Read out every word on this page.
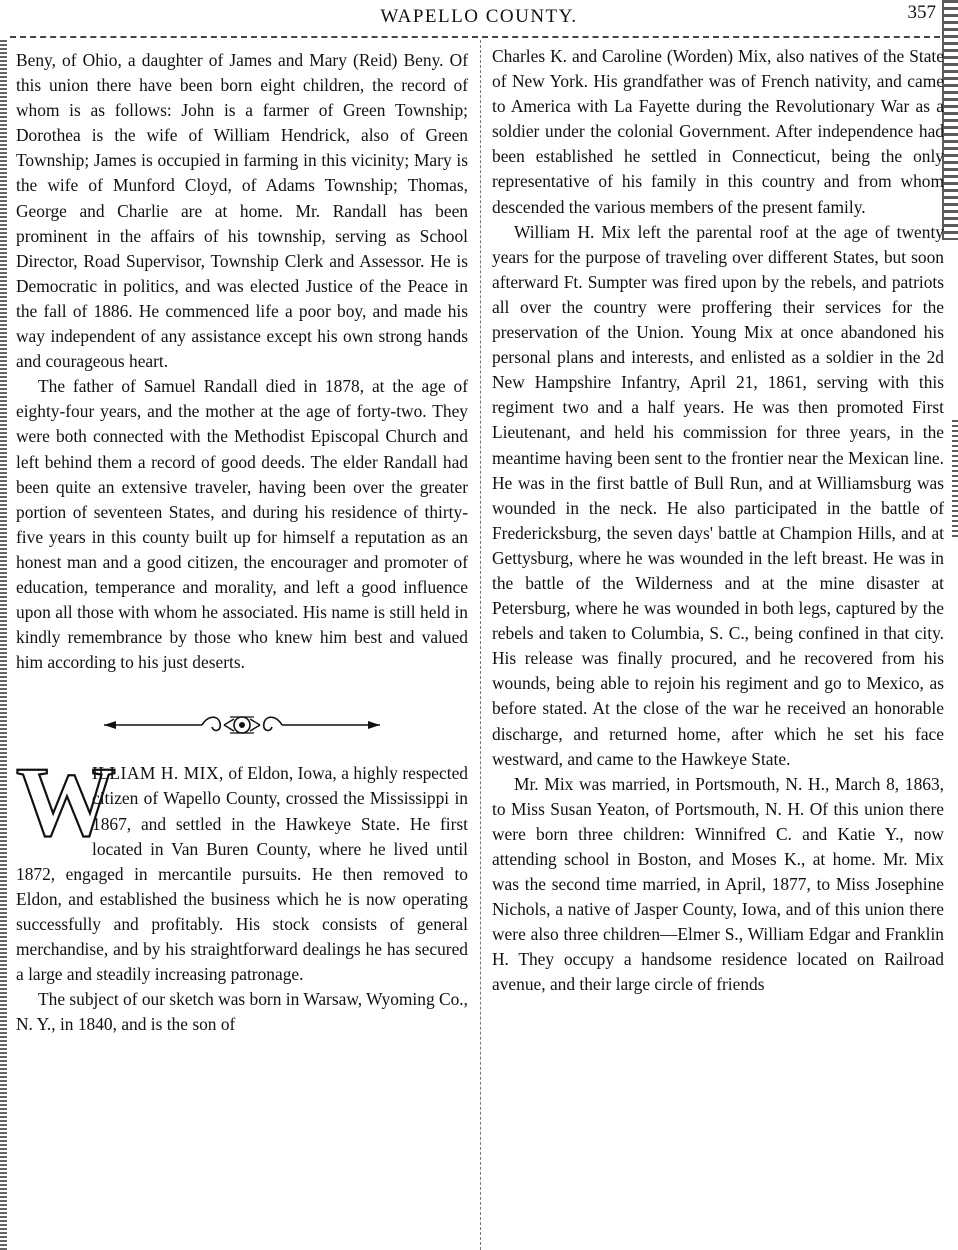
WAPELLO COUNTY.	357

Beny, of Ohio, a daughter of James and Mary (Reid) Beny. Of this union there have been born eight children, the record of whom is as follows: John is a farmer of Green Township; Dorothea is the wife of William Hendrick, also of Green Township; James is occupied in farming in this vicinity; Mary is the wife of Munford Cloyd, of Adams Township; Thomas, George and Charlie are at home. Mr. Randall has been prominent in the affairs of his township, serving as School Director, Road Supervisor, Township Clerk and Assessor. He is Democratic in politics, and was elected Justice of the Peace in the fall of 1886. He commenced life a poor boy, and made his way independent of any assistance except his own strong hands and courageous heart.

The father of Samuel Randall died in 1878, at the age of eighty-four years, and the mother at the age of forty-two. They were both connected with the Methodist Episcopal Church and left behind them a record of good deeds. The elder Randall had been quite an extensive traveler, having been over the greater portion of seventeen States, and during his residence of thirty-five years in this county built up for himself a reputation as an honest man and a good citizen, the encourager and promoter of education, temperance and morality, and left a good influence upon all those with whom he associated. His name is still held in kindly remembrance by those who knew him best and valued him according to his just deserts.

W

ILLIAM H. MIX, of Eldon, Iowa, a highly respected citizen of Wapello County, crossed the Mississippi in 1867, and settled in the Hawkeye State. He first located in Van Buren County, where he lived until 1872, engaged in mercantile pursuits. He then removed to Eldon, and established the business which he is now operating successfully and profitably. His stock consists of general merchandise, and by his straightforward dealings he has secured a large and steadily increasing patronage.

The subject of our sketch was born in Warsaw, Wyoming Co., N. Y., in 1840, and is the son of

Charles K. and Caroline (Worden) Mix, also natives of the State of New York. His grandfather was of French nativity, and came to America with La Fayette during the Revolutionary War as a soldier under the colonial Government. After independence had been established he settled in Connecticut, being the only representative of his family in this country and from whom descended the various members of the present family.

William H. Mix left the parental roof at the age of twenty years for the purpose of traveling over different States, but soon afterward Ft. Sumpter was fired upon by the rebels, and patriots all over the country were proffering their services for the preservation of the Union. Young Mix at once abandoned his personal plans and interests, and enlisted as a soldier in the 2d New Hampshire Infantry, April 21, 1861, serving with this regiment two and a half years. He was then promoted First Lieutenant, and held his commission for three years, in the meantime having been sent to the frontier near the Mexican line. He was in the first battle of Bull Run, and at Williamsburg was wounded in the neck. He also participated in the battle of Fredericksburg, the seven days' battle at Champion Hills, and at Gettysburg, where he was wounded in the left breast. He was in the battle of the Wilderness and at the mine disaster at Petersburg, where he was wounded in both legs, captured by the rebels and taken to Columbia, S. C., being confined in that city. His release was finally procured, and he recovered from his wounds, being able to rejoin his regiment and go to Mexico, as before stated. At the close of the war he received an honorable discharge, and returned home, after which he set his face westward, and came to the Hawkeye State.

Mr. Mix was married, in Portsmouth, N. H., March 8, 1863, to Miss Susan Yeaton, of Portsmouth, N. H. Of this union there were born three children: Winnifred C. and Katie Y., now attending school in Boston, and Moses K., at home. Mr. Mix was the second time married, in April, 1877, to Miss Josephine Nichols, a native of Jasper County, Iowa, and of this union there were also three children—Elmer S., William Edgar and Franklin H. They occupy a handsome residence located on Railroad avenue, and their large circle of friends
